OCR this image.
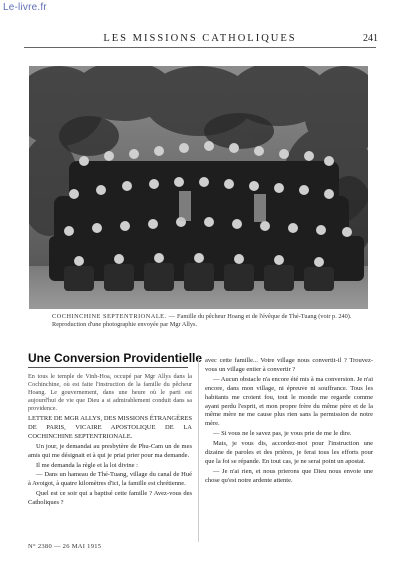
Le-livre.fr
LES MISSIONS CATHOLIQUES	241
COCHINCHINE SEPTENTRIONALE. — Famille du pêcheur Hoang et de l'évêque de Thé-Tuang (voir p. 240).
Reproduction d'une photographie envoyée par Mgr Allys.
Une Conversion Providentielle

En tous le temple de Vinh-Hoa, occupé par Mgr Allys dans la Cochinchine, où est faite l'instruction de la famille du pêcheur Hoang. Le gouvernement, dans une heure où le parti est aujourd'hui de vie que Dieu a si admirablement conduit dans sa providence.

LETTRE DE MGR ALLYS, DES MISSIONS ÉTRANGÈRES DE PARIS, VICAIRE APOSTOLIQUE DE LA COCHINCHINE SEPTENTRIONALE.

Un jour, je demandai au presbytère de Phu-Cam un de mes amis qui me désignait et à qui je priai prier pour ma demande.

Il me demanda la règle et la loi divine :

— Dans un hameau de Thé-Tuang, village du canal de Hué à Avoigot, à quatre kilomètres d'ici, la famille est chrétienne.

Quel est ce soir qui a baptisé cette famille ? Avez-vous des Catholiques ?

avec cette famille... Votre village nous convertit-il ? Trouvez-vous un village entier à convertir ?

— Aucun obstacle n'a encore été mis à ma conversion. Je n'ai encore, dans mon village, ni épreuve ni souffrance. Tous les habitants me croient fou, tout le monde me regarde comme ayant perdu l'esprit, et mon propre frère du même père et de la même mère ne me cause plus rien sans la permission de notre mère.

— Si vous ne le savez pas, je vous prie de me le dire.

Mais, je vous dis, accordez-moi pour l'instruction une dizaine de paroles et des prières, je ferai tous les efforts pour que la foi se répande. En tout cas, je ne serai point un apostat.

— Je n'ai rien, et nous prierons que Dieu nous envoie une chose qu'est notre ardente attente.

N° 2380 — 26 MAI 1915
